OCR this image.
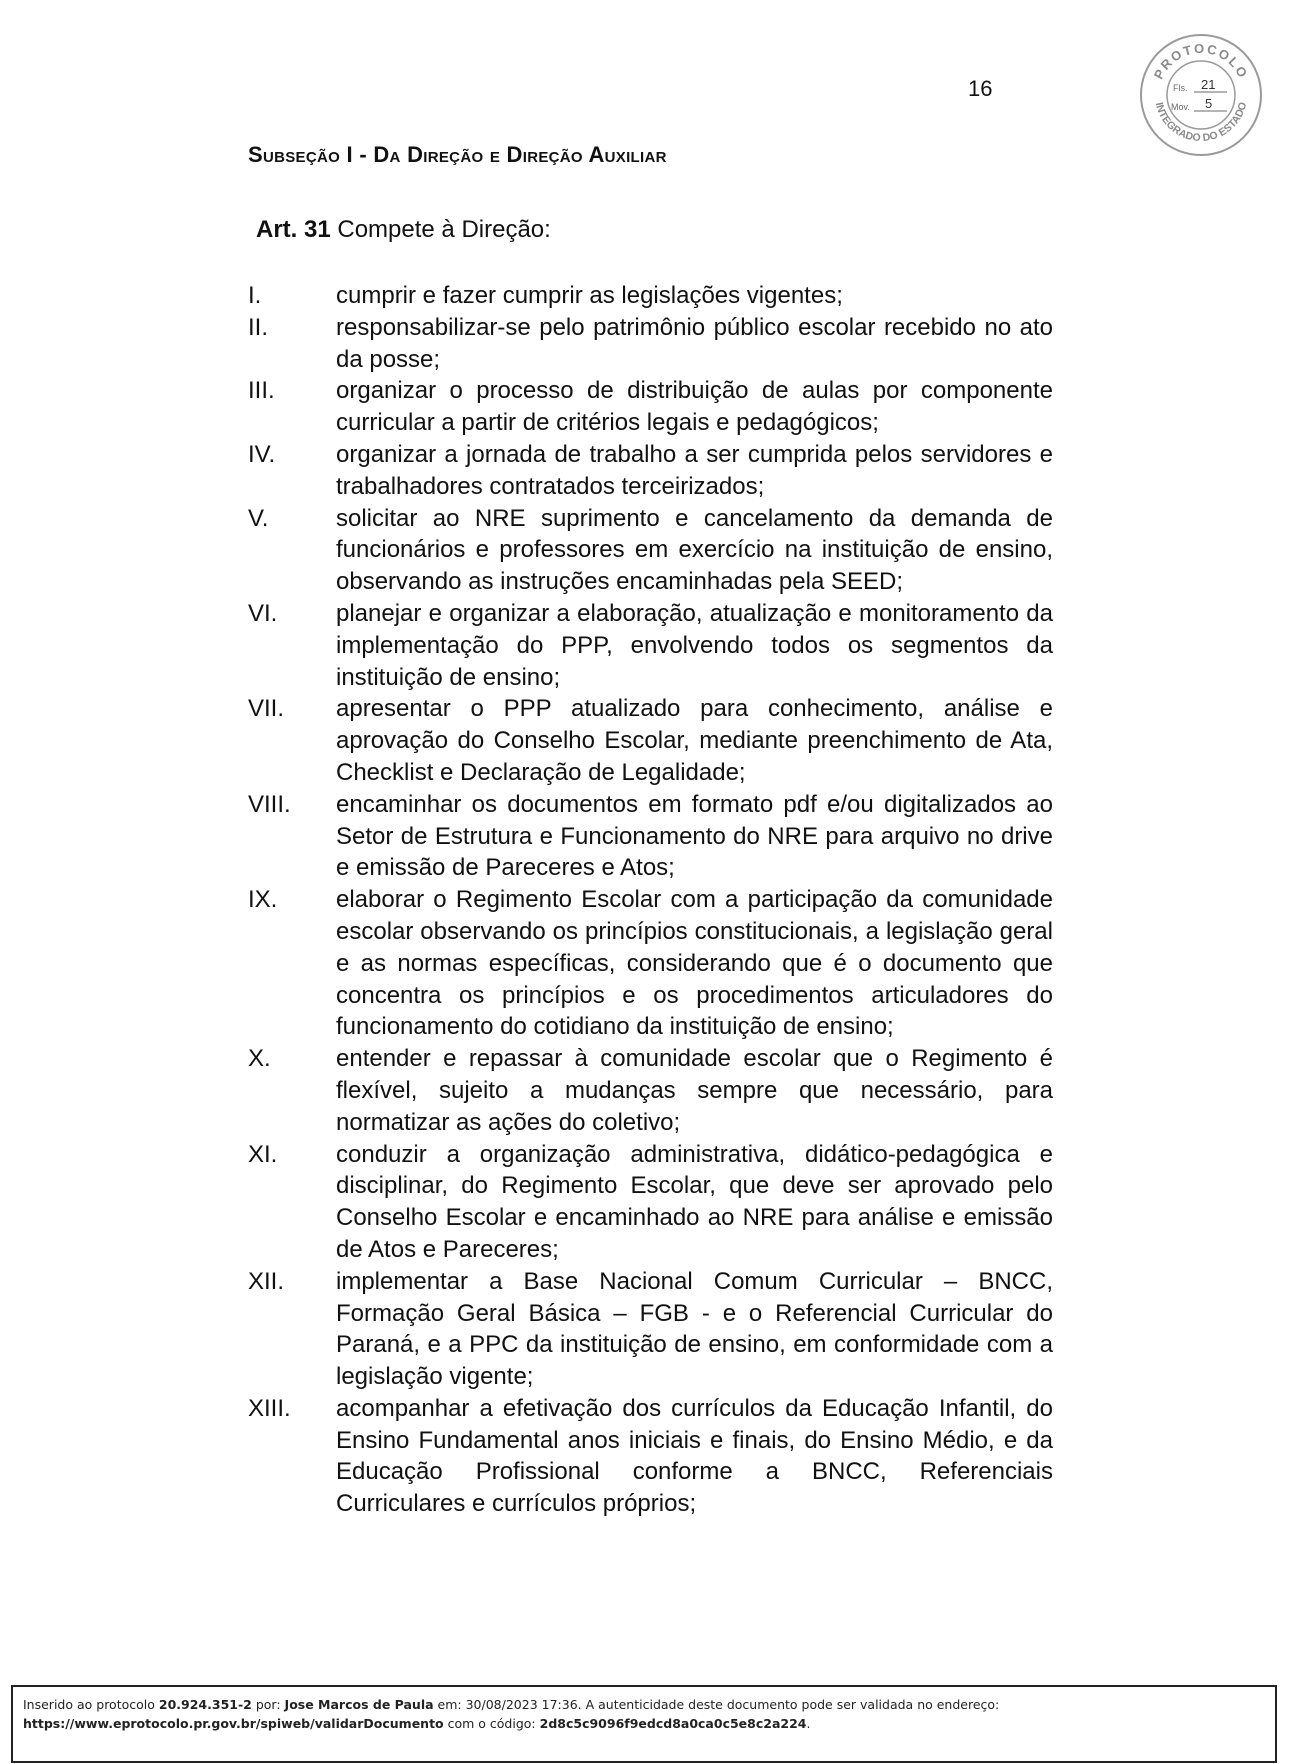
16
PROTOCOLO
INTEGRADO DO ESTADO
Fls. 21
Mov. 5
Subseção I - Da Direção e Direção Auxiliar
Art. 31 Compete à Direção:
I.	cumprir e fazer cumprir as legislações vigentes;
II.	responsabilizar-se pelo patrimônio público escolar recebido no ato da posse;
III.	organizar o processo de distribuição de aulas por componente curricular a partir de critérios legais e pedagógicos;
IV.	organizar a jornada de trabalho a ser cumprida pelos servidores e trabalhadores contratados terceirizados;
V.	solicitar ao NRE suprimento e cancelamento da demanda de funcionários e professores em exercício na instituição de ensino, observando as instruções encaminhadas pela SEED;
VI.	planejar e organizar a elaboração, atualização e monitoramento da implementação do PPP, envolvendo todos os segmentos da instituição de ensino;
VII.	apresentar o PPP atualizado para conhecimento, análise e aprovação do Conselho Escolar, mediante preenchimento de Ata, Checklist e Declaração de Legalidade;
VIII.	encaminhar os documentos em formato pdf e/ou digitalizados ao Setor de Estrutura e Funcionamento do NRE para arquivo no drive e emissão de Pareceres e Atos;
IX.	elaborar o Regimento Escolar com a participação da comunidade escolar observando os princípios constitucionais, a legislação geral e as normas específicas, considerando que é o documento que concentra os princípios e os procedimentos articuladores do funcionamento do cotidiano da instituição de ensino;
X.	entender e repassar à comunidade escolar que o Regimento é flexível, sujeito a mudanças sempre que necessário, para normatizar as ações do coletivo;
XI.	conduzir a organização administrativa, didático-pedagógica e disciplinar, do Regimento Escolar, que deve ser aprovado pelo Conselho Escolar e encaminhado ao NRE para análise e emissão de Atos e Pareceres;
XII.	implementar a Base Nacional Comum Curricular – BNCC, Formação Geral Básica – FGB - e o Referencial Curricular do Paraná, e a PPC da instituição de ensino, em conformidade com a legislação vigente;
XIII.	acompanhar a efetivação dos currículos da Educação Infantil, do Ensino Fundamental anos iniciais e finais, do Ensino Médio, e da Educação Profissional conforme a BNCC, Referenciais Curriculares e currículos próprios;
Inserido ao protocolo 20.924.351-2 por: Jose Marcos de Paula em: 30/08/2023 17:36. A autenticidade deste documento pode ser validada no endereço:
https://www.eprotocolo.pr.gov.br/spiweb/validarDocumento com o código: 2d8c5c9096f9edcd8a0ca0c5e8c2a224.
